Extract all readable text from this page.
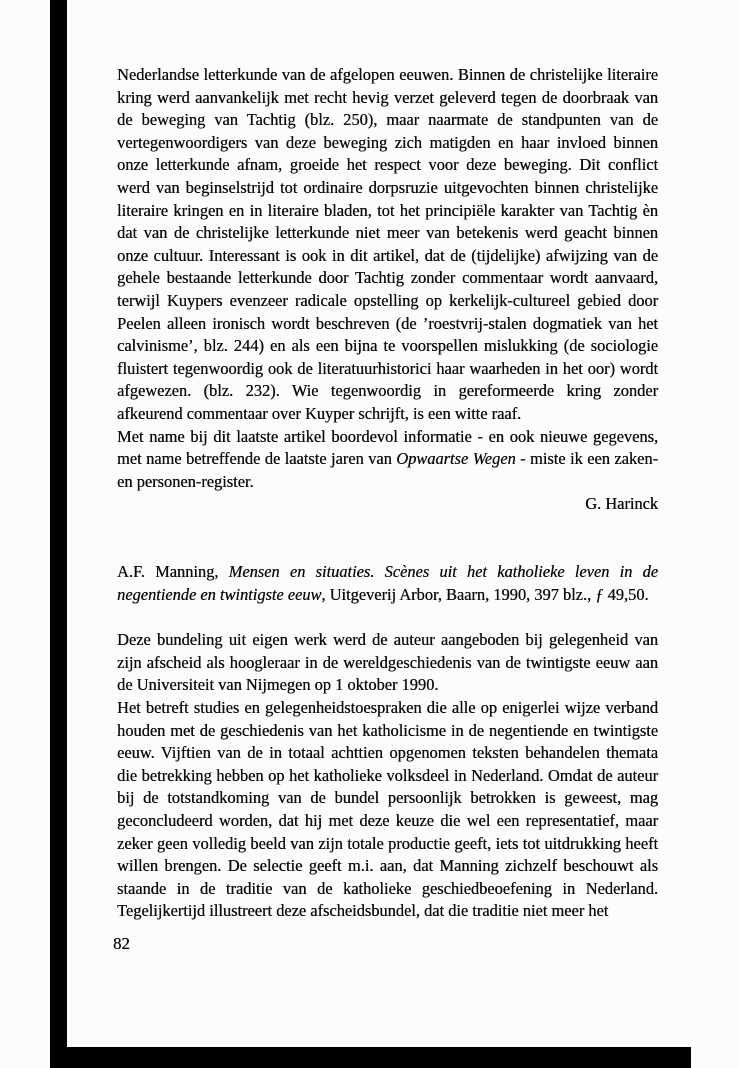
Nederlandse letterkunde van de afgelopen eeuwen. Binnen de christelijke literaire kring werd aanvankelijk met recht hevig verzet geleverd tegen de doorbraak van de beweging van Tachtig (blz. 250), maar naarmate de standpunten van de vertegenwoordigers van deze beweging zich matigden en haar invloed binnen onze letterkunde afnam, groeide het respect voor deze beweging. Dit conflict werd van beginselstrijd tot ordinaire dorpsruzie uitgevochten binnen christelijke literaire kringen en in literaire bladen, tot het principiële karakter van Tachtig èn dat van de christelijke letterkunde niet meer van betekenis werd geacht binnen onze cultuur. Interessant is ook in dit artikel, dat de (tijdelijke) afwijzing van de gehele bestaande letterkunde door Tachtig zonder commentaar wordt aanvaard, terwijl Kuypers evenzeer radicale opstelling op kerkelijk-cultureel gebied door Peelen alleen ironisch wordt beschreven (de ’roestvrij-stalen dogmatiek van het calvinisme’, blz. 244) en als een bijna te voorspellen mislukking (de sociologie fluistert tegenwoordig ook de literatuurhistorici haar waarheden in het oor) wordt afgewezen. (blz. 232). Wie tegenwoordig in gereformeerde kring zonder afkeurend commentaar over Kuyper schrijft, is een witte raaf.

Met name bij dit laatste artikel boordevol informatie - en ook nieuwe gegevens, met name betreffende de laatste jaren van Opwaartse Wegen - miste ik een zaken- en personen-register.

G. Harinck

A.F. Manning, Mensen en situaties. Scènes uit het katholieke leven in de negentiende en twintigste eeuw, Uitgeverij Arbor, Baarn, 1990, 397 blz., ƒ 49,50.

Deze bundeling uit eigen werk werd de auteur aangeboden bij gelegenheid van zijn afscheid als hoogleraar in de wereldgeschiedenis van de twintigste eeuw aan de Universiteit van Nijmegen op 1 oktober 1990.

Het betreft studies en gelegenheidstoespraken die alle op enigerlei wijze verband houden met de geschiedenis van het katholicisme in de negentiende en twintigste eeuw. Vijftien van de in totaal achttien opgenomen teksten behandelen themata die betrekking hebben op het katholieke volksdeel in Nederland. Omdat de auteur bij de totstandkoming van de bundel persoonlijk betrokken is geweest, mag geconcludeerd worden, dat hij met deze keuze die wel een representatief, maar zeker geen volledig beeld van zijn totale productie geeft, iets tot uitdrukking heeft willen brengen. De selectie geeft m.i. aan, dat Manning zichzelf beschouwt als staande in de traditie van de katholieke geschiedbeoefening in Nederland. Tegelijkertijd illustreert deze afscheidsbundel, dat die traditie niet meer het

82
